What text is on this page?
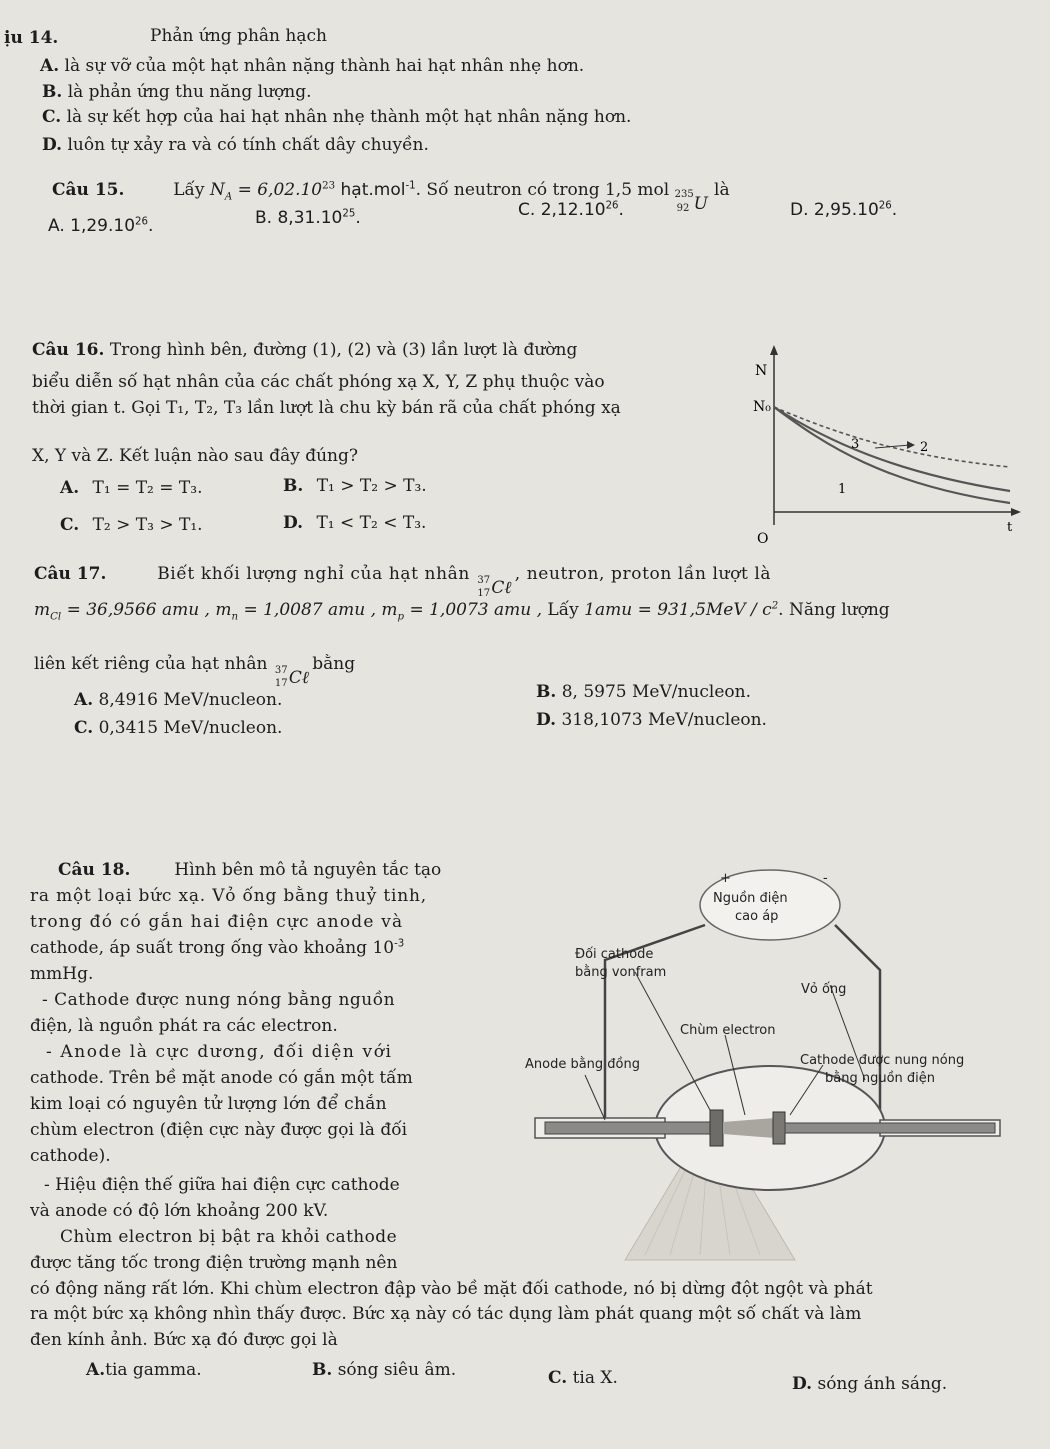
ịu 14.	Phản ứng phân hạch
A. là sự vỡ của một hạt nhân nặng thành hai hạt nhân nhẹ hơn.
B. là phản ứng thu năng lượng.
C. là sự kết hợp của hai hạt nhân nhẹ thành một hạt nhân nặng hơn.
D. luôn tự xảy ra và có tính chất dây chuyền.
Câu 15.	Lấy $N_A = 6,02.10^{23}$ hạt.mol$^{-1}$. Số neutron có trong 1,5 mol 235
92 U
là
A. 1,29.10$^{26}$.	B. 8,31.10$^{25}$.	C. 2,12.10$^{26}$.	D. 2,95.10$^{26}$.
Câu 16. Trong hình bên, đường (1), (2) và (3) lần lượt là đường
biểu diễn số hạt nhân của các chất phóng xạ X, Y, Z phụ thuộc vào
thời gian t. Gọi T₁, T₂, T₃ lần lượt là chu kỳ bán rã của chất phóng xạ
X, Y và Z. Kết luận nào sau đây đúng?
A. T₁ = T₂ = T₃.	B. T₁ > T₂ > T₃.
C. T₂ > T₃ > T₁.	D. T₁ < T₂ < T₃.
N
N₀
O
t
3	2
1
Câu 17.	Biết khối lượng nghỉ của hạt nhân 37
17 Cℓ
, neutron, proton lần lượt là
$m_{Cl} = 36,9566$ amu , $m_n = 1,0087$ amu , $m_p = 1,0073$ amu , Lấy $1amu = 931,5MeV / c^2$. Năng lượng
liên kết riêng của hạt nhân 37
17 Cℓ
bằng
A. 8,4916 MeV/nucleon.	B. 8, 5975 MeV/nucleon.
C. 0,3415 MeV/nucleon.	D. 318,1073 MeV/nucleon.
Câu 18.	Hình bên mô tả nguyên tắc tạo
ra một loại bức xạ. Vỏ ống bằng thuỷ tinh,
trong đó có gắn hai điện cực anode và
cathode, áp suất trong ống vào khoảng $10^{-3}$
mmHg.
- Cathode được nung nóng bằng nguồn
điện, là nguồn phát ra các electron.
- Anode là cực dương, đối diện với
cathode. Trên bề mặt anode có gắn một tấm
kim loại có nguyên tử lượng lớn để chắn
chùm electron (điện cực này được gọi là đối
cathode).
- Hiệu điện thế giữa hai điện cực cathode
và anode có độ lớn khoảng 200 kV.
Chùm electron bị bật ra khỏi cathode
được tăng tốc trong điện trường mạnh nên
có động năng rất lớn. Khi chùm electron đập vào bề mặt đối cathode, nó bị dừng đột ngột và phát
ra một bức xạ không nhìn thấy được. Bức xạ này có tác dụng làm phát quang một số chất và làm
đen kính ảnh. Bức xạ đó được gọi là
A.tia gamma.	B. sóng siêu âm.	C. tia X.	D. sóng ánh sáng.
Nguồn điện
cao áp
+	-
Đối cathode
bằng vonfram
Vỏ ống
Chùm electron
Anode bằng đồng	Cathode được nung nóng
bằng nguồn điện
